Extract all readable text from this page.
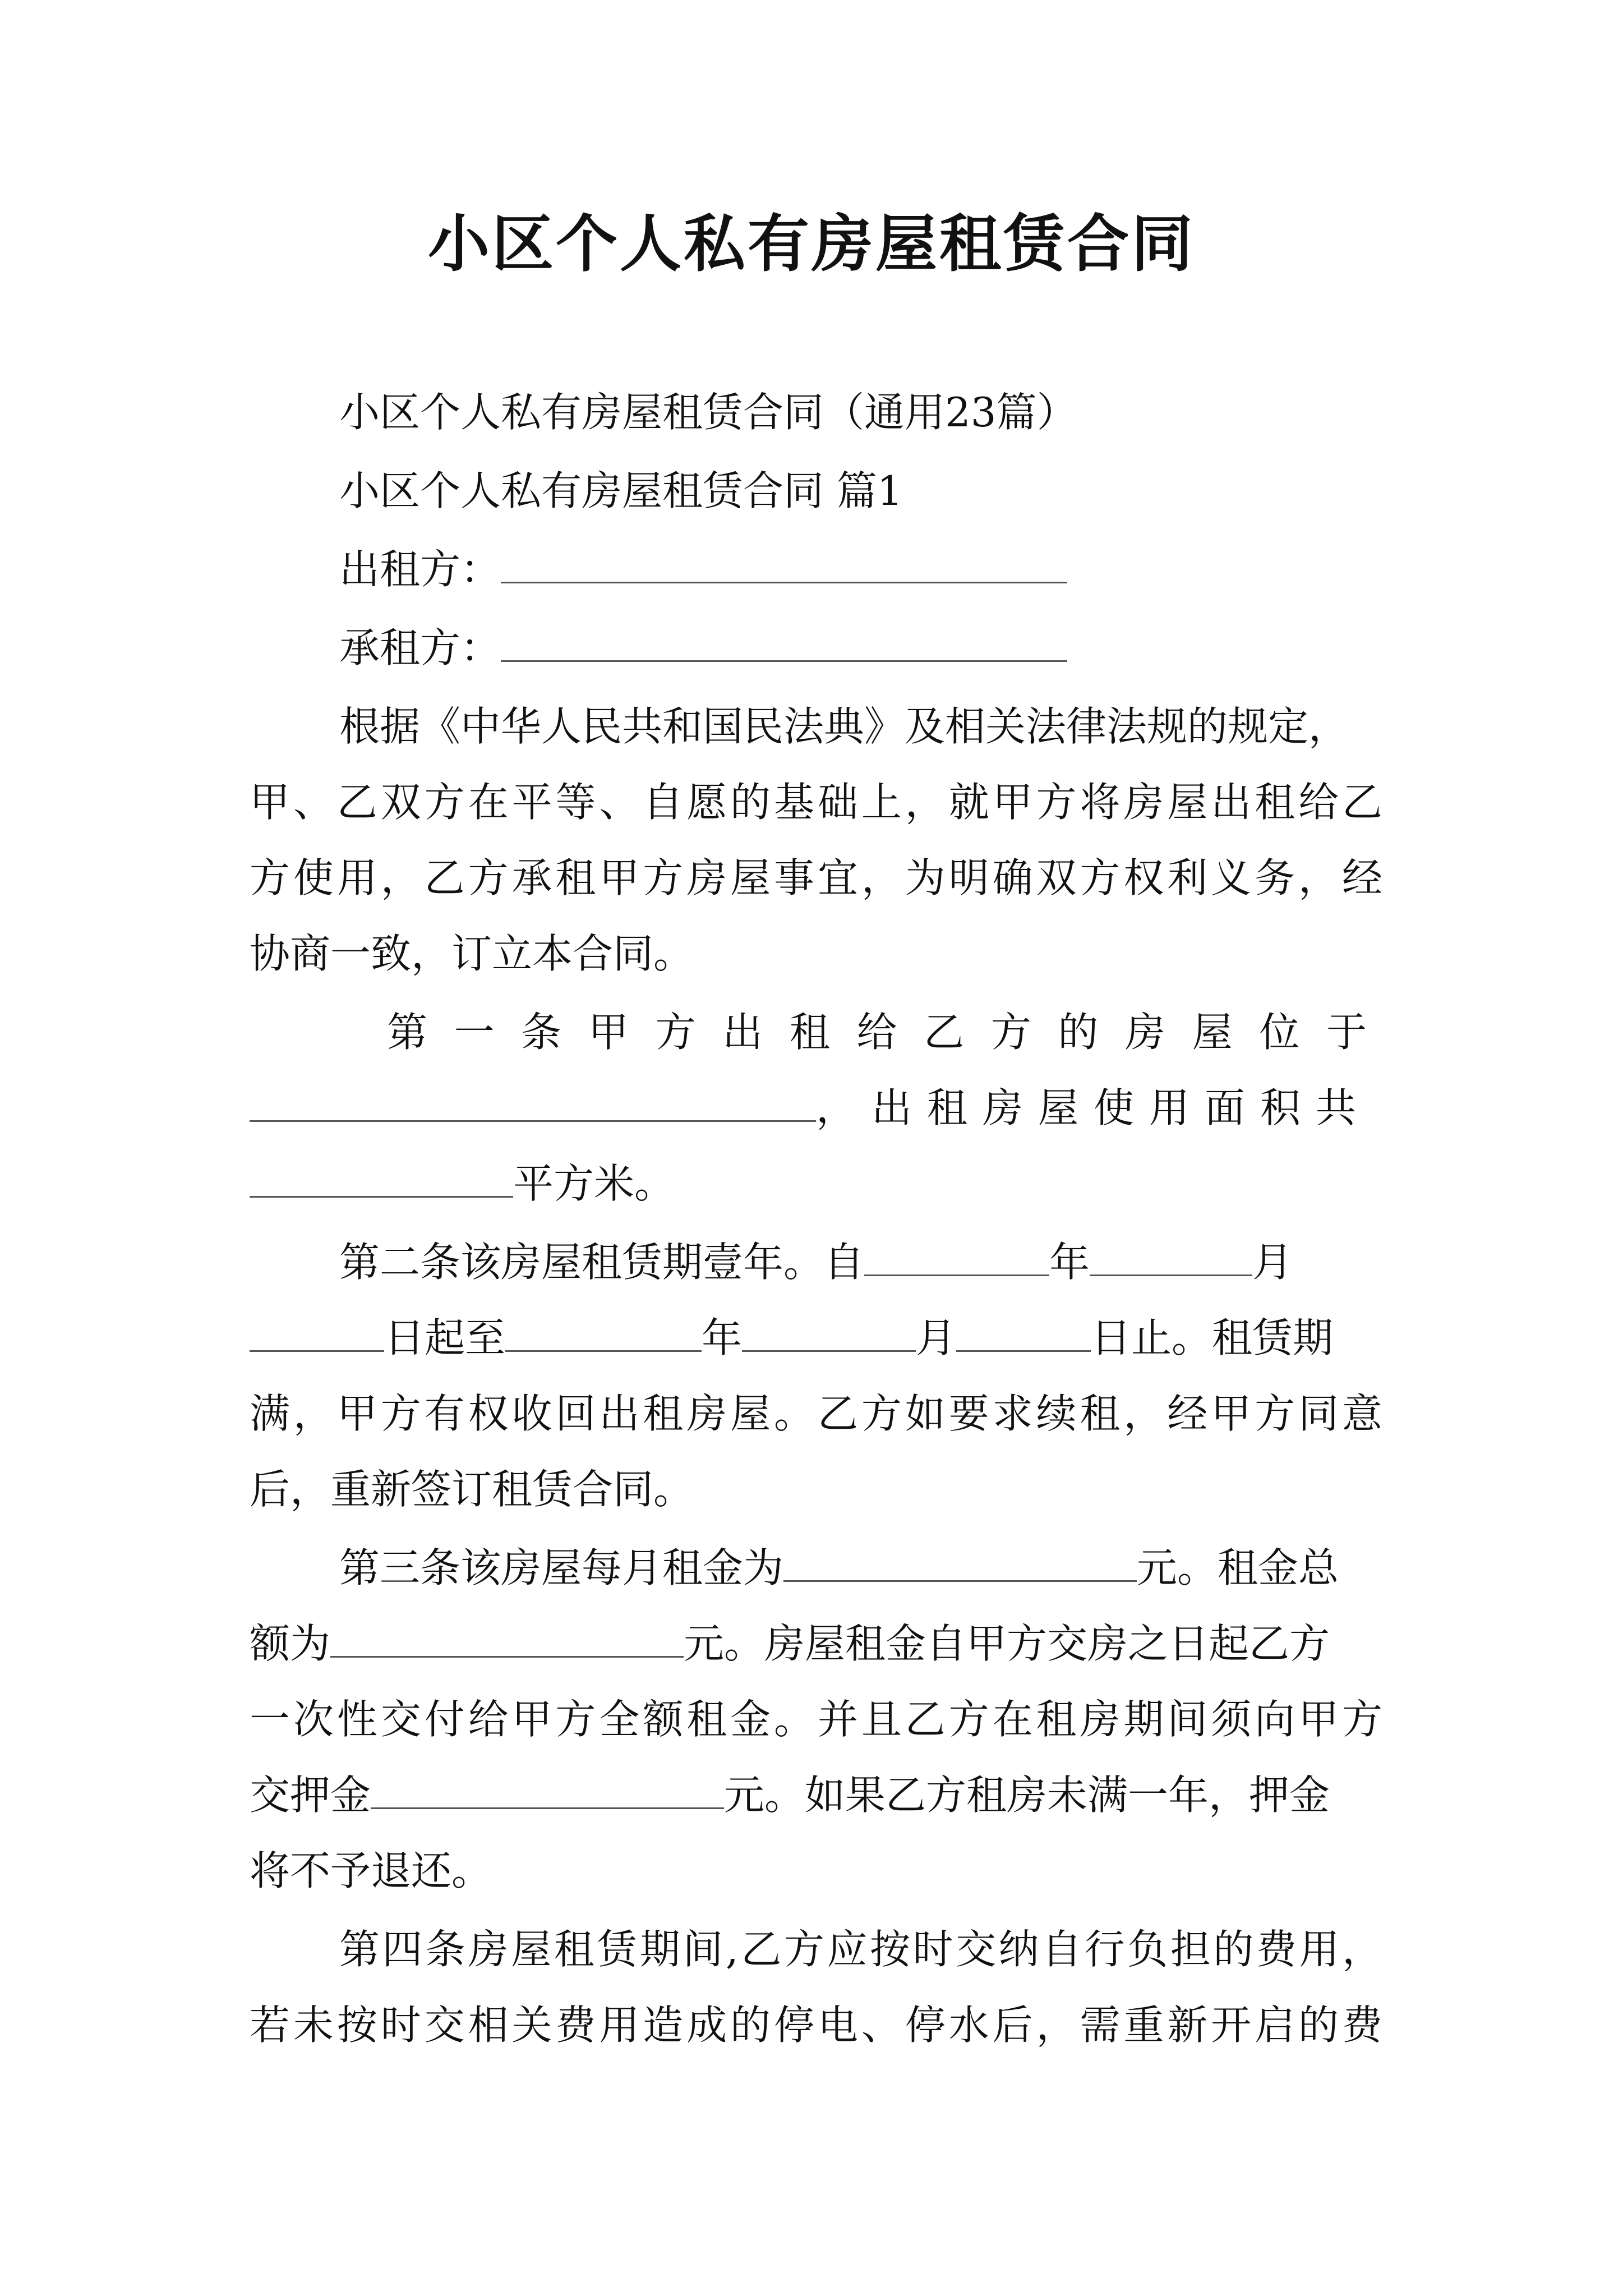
小区个人私有房屋租赁合同
小区个人私有房屋租赁合同（通用23篇）
小区个人私有房屋租赁合同 篇1
出租方：
承租方：
根据《中华人民共和国民法典》及相关法律法规的规定，
甲、乙双方在平等、自愿的基础上，就甲方将房屋出租给乙
方使用，乙方承租甲方房屋事宜，为明确双方权利义务，经
协商一致，订立本合同。
第一条甲方出租给乙方的房屋位于
，出租房屋使用面积共
平方米。
第二条该房屋租赁期壹年。自	年	月
日起至	年	月	日止。租赁期
满，甲方有权收回出租房屋。乙方如要求续租，经甲方同意
后，重新签订租赁合同。
第三条该房屋每月租金为	元。租金总
额为	元。房屋租金自甲方交房之日起乙方
一次性交付给甲方全额租金。并且乙方在租房期间须向甲方
交押金	元。如果乙方租房未满一年，押金
将不予退还。
第四条房屋租赁期间,乙方应按时交纳自行负担的费用，
若未按时交相关费用造成的停电、停水后，需重新开启的费
